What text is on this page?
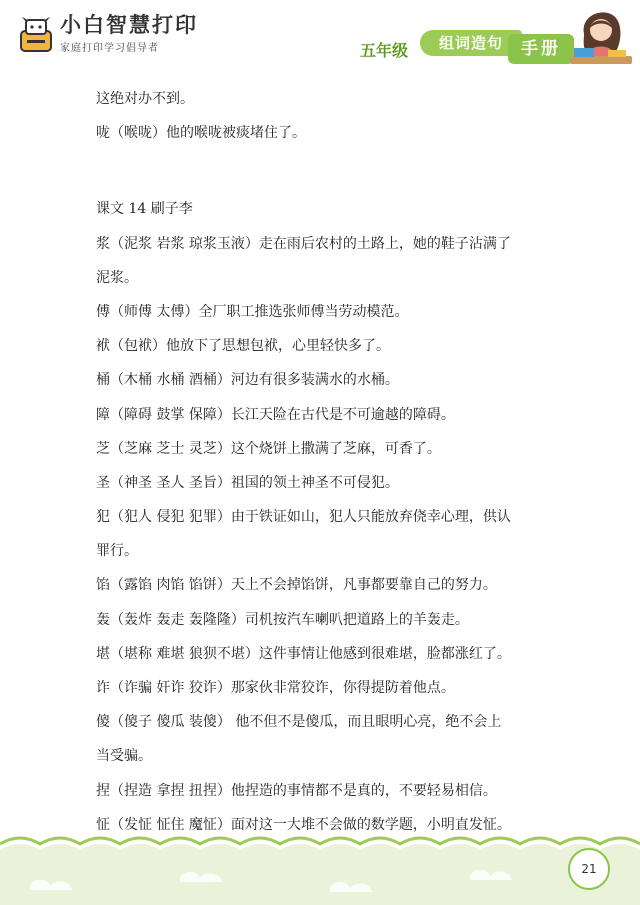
小白智慧打印
家庭打印学习倡导者	五年级	组词造句	手册
这绝对办不到。
咙（喉咙）他的喉咙被痰堵住了。
课文 14 刷子李
浆（泥浆 岩浆 琼浆玉液）走在雨后农村的土路上，她的鞋子沾满了
泥浆。
傅（师傅 太傅）全厂职工推选张师傅当劳动模范。
袱（包袱）他放下了思想包袱，心里轻快多了。
桶（木桶 水桶 酒桶）河边有很多装满水的水桶。
障（障碍 鼓掌 保障）长江天险在古代是不可逾越的障碍。
芝（芝麻 芝士 灵芝）这个烧饼上撒满了芝麻，可香了。
圣（神圣 圣人 圣旨）祖国的领土神圣不可侵犯。
犯（犯人 侵犯 犯罪）由于铁证如山，犯人只能放弃侥幸心理，供认
罪行。
馅（露馅 肉馅 馅饼）天上不会掉馅饼，凡事都要靠自己的努力。
轰（轰炸 轰走 轰隆隆）司机按汽车喇叭把道路上的羊轰走。
堪（堪称 难堪 狼狈不堪）这件事情让他感到很难堪，脸都涨红了。
诈（诈骗 奸诈 狡诈）那家伙非常狡诈，你得提防着他点。
傻（傻子 傻瓜 装傻） 他不但不是傻瓜，而且眼明心亮，绝不会上
当受骗。
捏（捏造 拿捏 扭捏）他捏造的事情都不是真的，不要轻易相信。
怔（发怔 怔住 魔怔）面对这一大堆不会做的数学题，小明直发怔。
21
